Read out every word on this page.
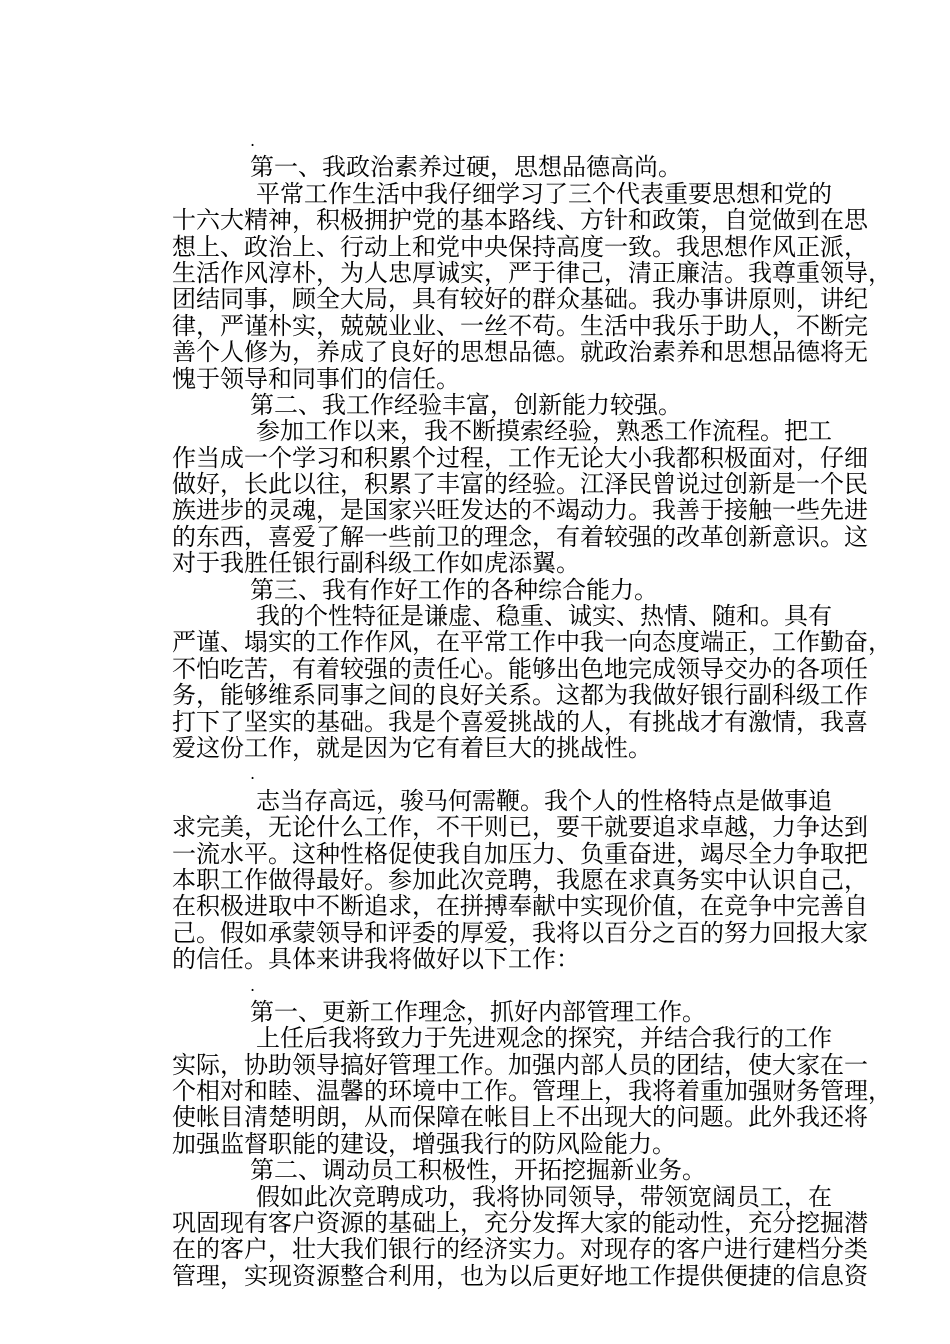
.
第一、我政治素养过硬，思想品德高尚。
平常工作生活中我仔细学习了三个代表重要思想和党的
十六大精神，积极拥护党的基本路线、方针和政策，自觉做到在思
想上、政治上、行动上和党中央保持高度一致。我思想作风正派，
生活作风淳朴，为人忠厚诚实，严于律己，清正廉洁。我尊重领导，
团结同事，顾全大局，具有较好的群众基础。我办事讲原则，讲纪
律，严谨朴实，兢兢业业、一丝不苟。生活中我乐于助人，不断完
善个人修为，养成了良好的思想品德。就政治素养和思想品德将无
愧于领导和同事们的信任。
第二、我工作经验丰富，创新能力较强。
参加工作以来，我不断摸索经验，熟悉工作流程。把工
作当成一个学习和积累个过程，工作无论大小我都积极面对，仔细
做好，长此以往，积累了丰富的经验。江泽民曾说过创新是一个民
族进步的灵魂，是国家兴旺发达的不竭动力。我善于接触一些先进
的东西，喜爱了解一些前卫的理念，有着较强的改革创新意识。这
对于我胜任银行副科级工作如虎添翼。
第三、我有作好工作的各种综合能力。
我的个性特征是谦虚、稳重、诚实、热情、随和。具有
严谨、塌实的工作作风，在平常工作中我一向态度端正，工作勤奋，
不怕吃苦，有着较强的责任心。能够出色地完成领导交办的各项任
务，能够维系同事之间的良好关系。这都为我做好银行副科级工作
打下了坚实的基础。我是个喜爱挑战的人，有挑战才有激情，我喜
爱这份工作，就是因为它有着巨大的挑战性。
.
志当存高远，骏马何需鞭。我个人的性格特点是做事追
求完美，无论什么工作，不干则已，要干就要追求卓越，力争达到
一流水平。这种性格促使我自加压力、负重奋进，竭尽全力争取把
本职工作做得最好。参加此次竞聘，我愿在求真务实中认识自己，
在积极进取中不断追求，在拼搏奉献中实现价值，在竞争中完善自
己。假如承蒙领导和评委的厚爱，我将以百分之百的努力回报大家
的信任。具体来讲我将做好以下工作：
.
第一、更新工作理念，抓好内部管理工作。
上任后我将致力于先进观念的探究，并结合我行的工作
实际，协助领导搞好管理工作。加强内部人员的团结，使大家在一
个相对和睦、温馨的环境中工作。管理上，我将着重加强财务管理，
使帐目清楚明朗，从而保障在帐目上不出现大的问题。此外我还将
加强监督职能的建设，增强我行的防风险能力。
第二、调动员工积极性，开拓挖掘新业务。
假如此次竞聘成功，我将协同领导，带领宽阔员工，在
巩固现有客户资源的基础上，充分发挥大家的能动性，充分挖掘潜
在的客户，壮大我们银行的经济实力。对现存的客户进行建档分类
管理，实现资源整合利用，也为以后更好地工作提供便捷的信息资
